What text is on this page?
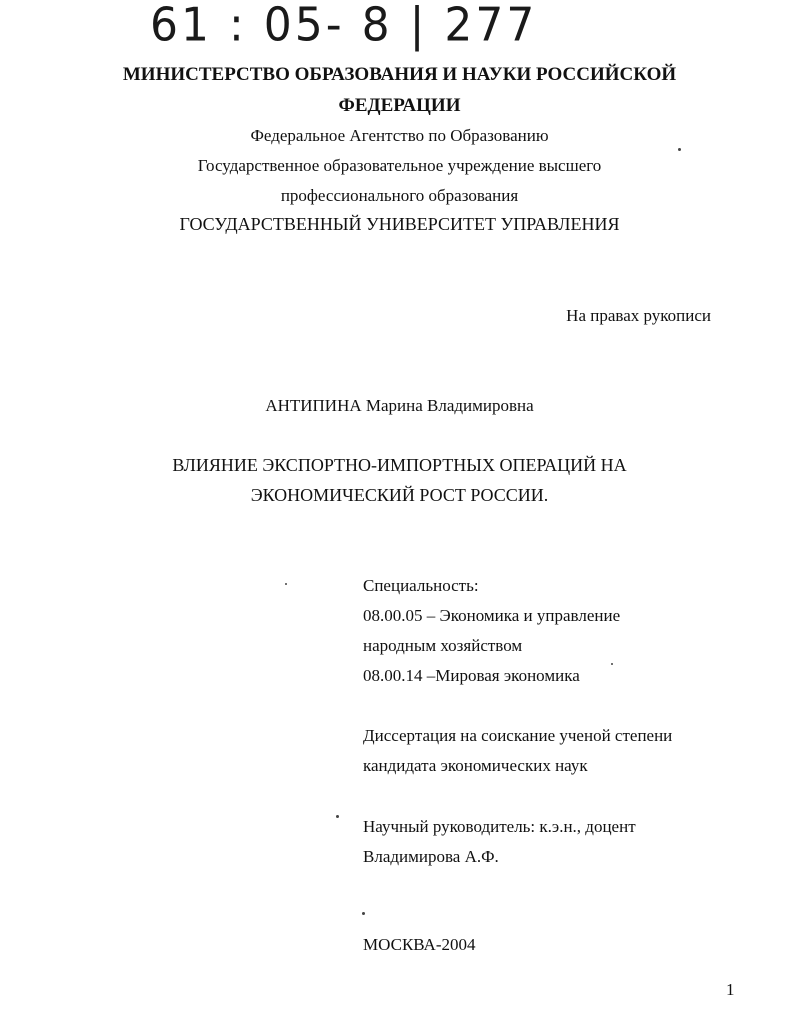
61 : 05- 8 | 277
МИНИСТЕРСТВО ОБРАЗОВАНИЯ И НАУКИ РОССИЙСКОЙ
ФЕДЕРАЦИИ
Федеральное Агентство по Образованию
Государственное образовательное учреждение высшего
профессионального образования
ГОСУДАРСТВЕННЫЙ УНИВЕРСИТЕТ УПРАВЛЕНИЯ
На правах рукописи
АНТИПИНА Марина Владимировна
ВЛИЯНИЕ ЭКСПОРТНО-ИМПОРТНЫХ ОПЕРАЦИЙ НА
ЭКОНОМИЧЕСКИЙ РОСТ РОССИИ.
Специальность:
08.00.05 – Экономика и управление
народным хозяйством
08.00.14 –Мировая экономика
Диссертация на соискание ученой степени
кандидата экономических наук
Научный руководитель: к.э.н., доцент
Владимирова А.Ф.
МОСКВА-2004
1
